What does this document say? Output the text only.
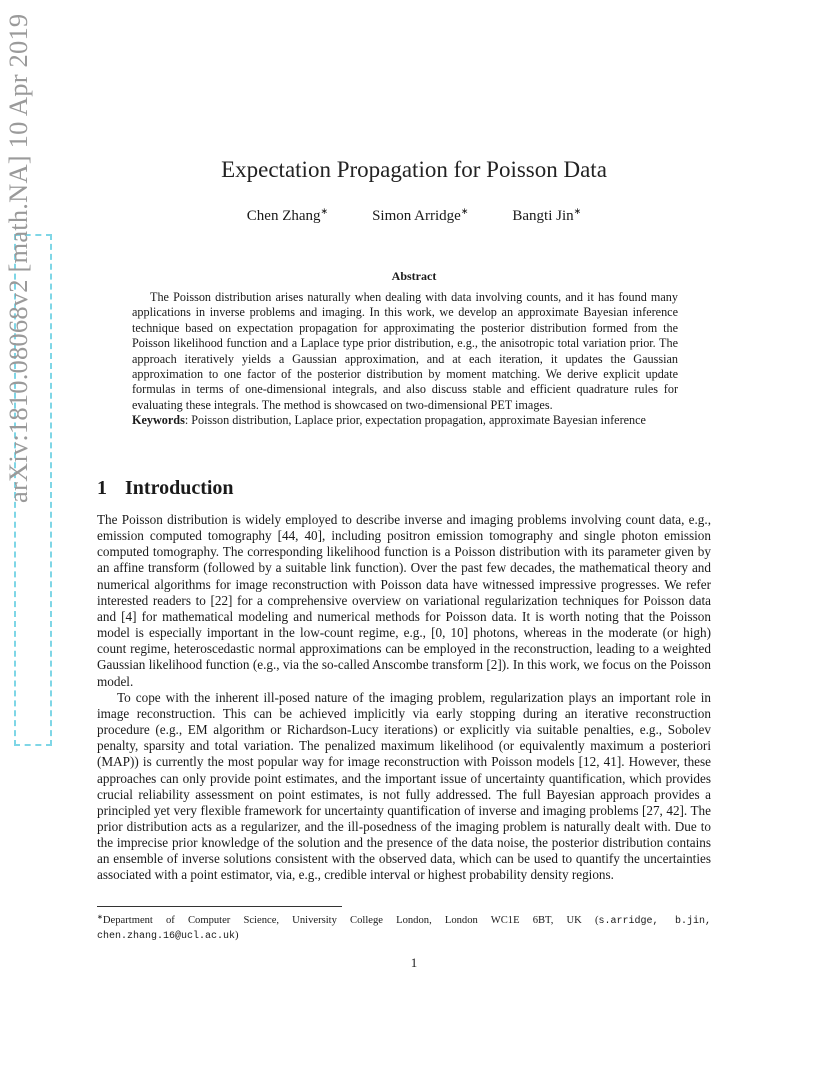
arXiv:1810.08068v2 [math.NA] 10 Apr 2019	Expectation Propagation for Poisson Data
Chen Zhang∗	Simon Arridge∗	Bangti Jin∗
Abstract

The Poisson distribution arises naturally when dealing with data involving counts, and it has found many applications in inverse problems and imaging. In this work, we develop an approximate Bayesian inference technique based on expectation propagation for approximating the posterior distribution formed from the Poisson likelihood function and a Laplace type prior distribution, e.g., the anisotropic total variation prior. The approach iteratively yields a Gaussian approximation, and at each iteration, it updates the Gaussian approximation to one factor of the posterior distribution by moment matching. We derive explicit update formulas in terms of one-dimensional integrals, and also discuss stable and efficient quadrature rules for evaluating these integrals. The method is showcased on two-dimensional PET images.

Keywords: Poisson distribution, Laplace prior, expectation propagation, approximate Bayesian inference

1 Introduction

The Poisson distribution is widely employed to describe inverse and imaging problems involving count data, e.g., emission computed tomography [44, 40], including positron emission tomography and single photon emission computed tomography. The corresponding likelihood function is a Poisson distribution with its parameter given by an affine transform (followed by a suitable link function). Over the past few decades, the mathematical theory and numerical algorithms for image reconstruction with Poisson data have witnessed impressive progresses. We refer interested readers to [22] for a comprehensive overview on variational regularization techniques for Poisson data and [4] for mathematical modeling and numerical methods for Poisson data. It is worth noting that the Poisson model is especially important in the low-count regime, e.g., [0, 10] photons, whereas in the moderate (or high) count regime, heteroscedastic normal approximations can be employed in the reconstruction, leading to a weighted Gaussian likelihood function (e.g., via the so-called Anscombe transform [2]). In this work, we focus on the Poisson model.

To cope with the inherent ill-posed nature of the imaging problem, regularization plays an important role in image reconstruction. This can be achieved implicitly via early stopping during an iterative reconstruction procedure (e.g., EM algorithm or Richardson-Lucy iterations) or explicitly via suitable penalties, e.g., Sobolev penalty, sparsity and total variation. The penalized maximum likelihood (or equivalently maximum a posteriori (MAP)) is currently the most popular way for image reconstruction with Poisson models [12, 41]. However, these approaches can only provide point estimates, and the important issue of uncertainty quantification, which provides crucial reliability assessment on point estimates, is not fully addressed. The full Bayesian approach provides a principled yet very flexible framework for uncertainty quantification of inverse and imaging problems [27, 42]. The prior distribution acts as a regularizer, and the ill-posedness of the imaging problem is naturally dealt with. Due to the imprecise prior knowledge of the solution and the presence of the data noise, the posterior distribution contains an ensemble of inverse solutions consistent with the observed data, which can be used to quantify the uncertainties associated with a point estimator, via, e.g., credible interval or highest probability density regions.

∗Department of Computer Science, University College London, London WC1E 6BT, UK (s.arridge, b.jin, chen.zhang.16@ucl.ac.uk)
1
